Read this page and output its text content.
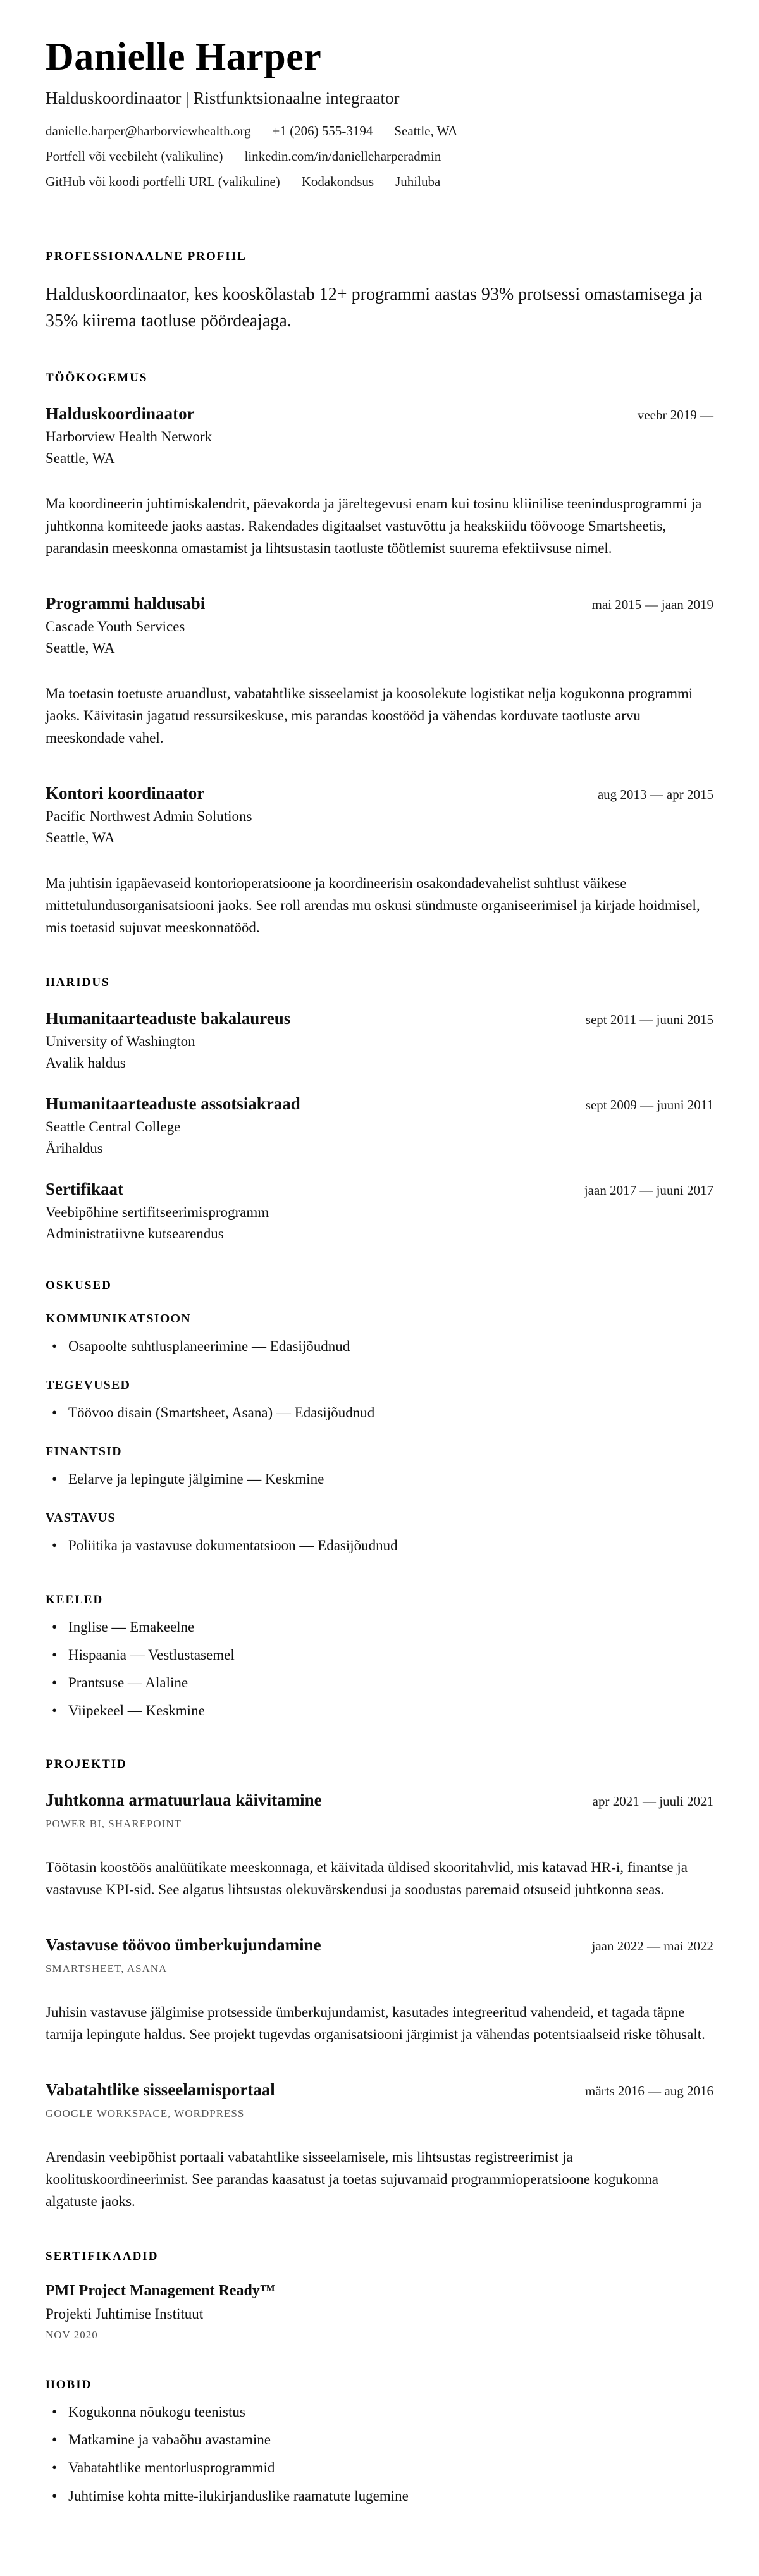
Danielle Harper
Halduskoordinaator | Ristfunktsionaalne integraator
danielle.harper@harborviewhealth.org +1 (206) 555-3194 Seattle, WA
Portfell või veebileht (valikuline) linkedin.com/in/danielleharperadmin
GitHub või koodi portfelli URL (valikuline) Kodakondsus Juhiluba
PROFESSIONAALNE PROFIIL

Halduskoordinaator, kes kooskõlastab 12+ programmi aastas 93% protsessi omastamisega ja 35% kiirema taotluse pöördeajaga.

TÖÖKOGEMUS
Halduskoordinaator	veebr 2019 —
Harborview Health Network
Seattle, WA

Ma koordineerin juhtimiskalendrit, päevakorda ja järeltegevusi enam kui tosinu kliinilise teenindusprogrammi ja juhtkonna komiteede jaoks aastas. Rakendades digitaalset vastuvõttu ja heakskiidu töövooge Smartsheetis, parandasin meeskonna omastamist ja lihtsustasin taotluste töötlemist suurema efektiivsuse nimel.

Programmi haldusabi	mai 2015 — jaan 2019
Cascade Youth Services
Seattle, WA

Ma toetasin toetuste aruandlust, vabatahtlike sisseelamist ja koosolekute logistikat nelja kogukonna programmi jaoks. Käivitasin jagatud ressursikeskuse, mis parandas koostööd ja vähendas korduvate taotluste arvu meeskondade vahel.

Kontori koordinaator	aug 2013 — apr 2015
Pacific Northwest Admin Solutions
Seattle, WA

Ma juhtisin igapäevaseid kontorioperatsioone ja koordineerisin osakondadevahelist suhtlust väikese mittetulundusorganisatsiooni jaoks. See roll arendas mu oskusi sündmuste organiseerimisel ja kirjade hoidmisel, mis toetasid sujuvat meeskonnatööd.

HARIDUS
Humanitaarteaduste bakalaureus	sept 2011 — juuni 2015
University of Washington
Avalik haldus
Humanitaarteaduste assotsiakraad	sept 2009 — juuni 2011
Seattle Central College
Ärihaldus
Sertifikaat	jaan 2017 — juuni 2017
Veebipõhine sertifitseerimisprogramm
Administratiivne kutsearendus
OSKUSED
KOMMUNIKATSIOON
• Osapoolte suhtlusplaneerimine — Edasijõudnud
TEGEVUSED
• Töövoo disain (Smartsheet, Asana) — Edasijõudnud
FINANTSID
• Eelarve ja lepingute jälgimine — Keskmine
VASTAVUS
• Poliitika ja vastavuse dokumentatsioon — Edasijõudnud
KEELED
• Inglise — Emakeelne
• Hispaania — Vestlustasemel
• Prantsuse — Alaline
• Viipekeel — Keskmine
PROJEKTID
Juhtkonna armatuurlaua käivitamine	apr 2021 — juuli 2021
POWER BI, SHAREPOINT

Töötasin koostöös analüütikate meeskonnaga, et käivitada üldised skooritahvlid, mis katavad HR-i, finantse ja vastavuse KPI-sid. See algatus lihtsustas olekuvärskendusi ja soodustas paremaid otsuseid juhtkonna seas.

Vastavuse töövoo ümberkujundamine	jaan 2022 — mai 2022
SMARTSHEET, ASANA

Juhisin vastavuse jälgimise protsesside ümberkujundamist, kasutades integreeritud vahendeid, et tagada täpne tarnija lepingute haldus. See projekt tugevdas organisatsiooni järgimist ja vähendas potentsiaalseid riske tõhusalt.

Vabatahtlike sisseelamisportaal	märts 2016 — aug 2016
GOOGLE WORKSPACE, WORDPRESS

Arendasin veebipõhist portaali vabatahtlike sisseelamisele, mis lihtsustas registreerimist ja koolituskoordineerimist. See parandas kaasatust ja toetas sujuvamaid programmioperatsioone kogukonna algatuste jaoks.

SERTIFIKAADID
PMI Project Management Ready™
Projekti Juhtimise Instituut
NOV 2020
HOBID
• Kogukonna nõukogu teenistus
• Matkamine ja vabaõhu avastamine
• Vabatahtlike mentorlusprogrammid
• Juhtimise kohta mitte-ilukirjanduslike raamatute lugemine
